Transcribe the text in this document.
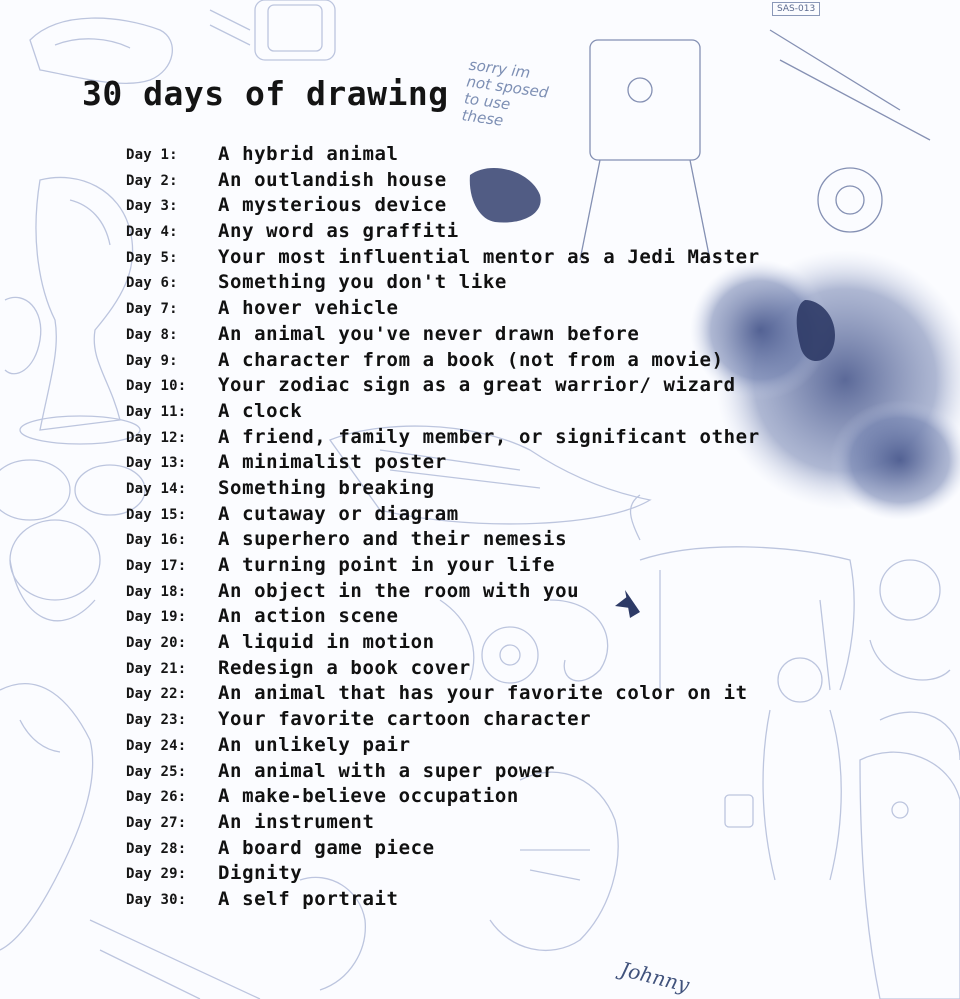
SAS-013
sorry im
not sposed
to use
these
30 days of drawing
Day 1: A hybrid animal
Day 2: An outlandish house
Day 3: A mysterious device
Day 4: Any word as graffiti
Day 5: Your most influential mentor as a Jedi Master
Day 6: Something you don't like
Day 7: A hover vehicle
Day 8: An animal you've never drawn before
Day 9: A character from a book (not from a movie)
Day 10: Your zodiac sign as a great warrior/ wizard
Day 11: A clock
Day 12: A friend, family member, or significant other
Day 13: A minimalist poster
Day 14: Something breaking
Day 15: A cutaway or diagram
Day 16: A superhero and their nemesis
Day 17: A turning point in your life
Day 18: An object in the room with you
Day 19: An action scene
Day 20: A liquid in motion
Day 21: Redesign a book cover
Day 22: An animal that has your favorite color on it
Day 23: Your favorite cartoon character
Day 24: An unlikely pair
Day 25: An animal with a super power
Day 26: A make-believe occupation
Day 27: An instrument
Day 28: A board game piece
Day 29: Dignity
Day 30: A self portrait
Johnny
